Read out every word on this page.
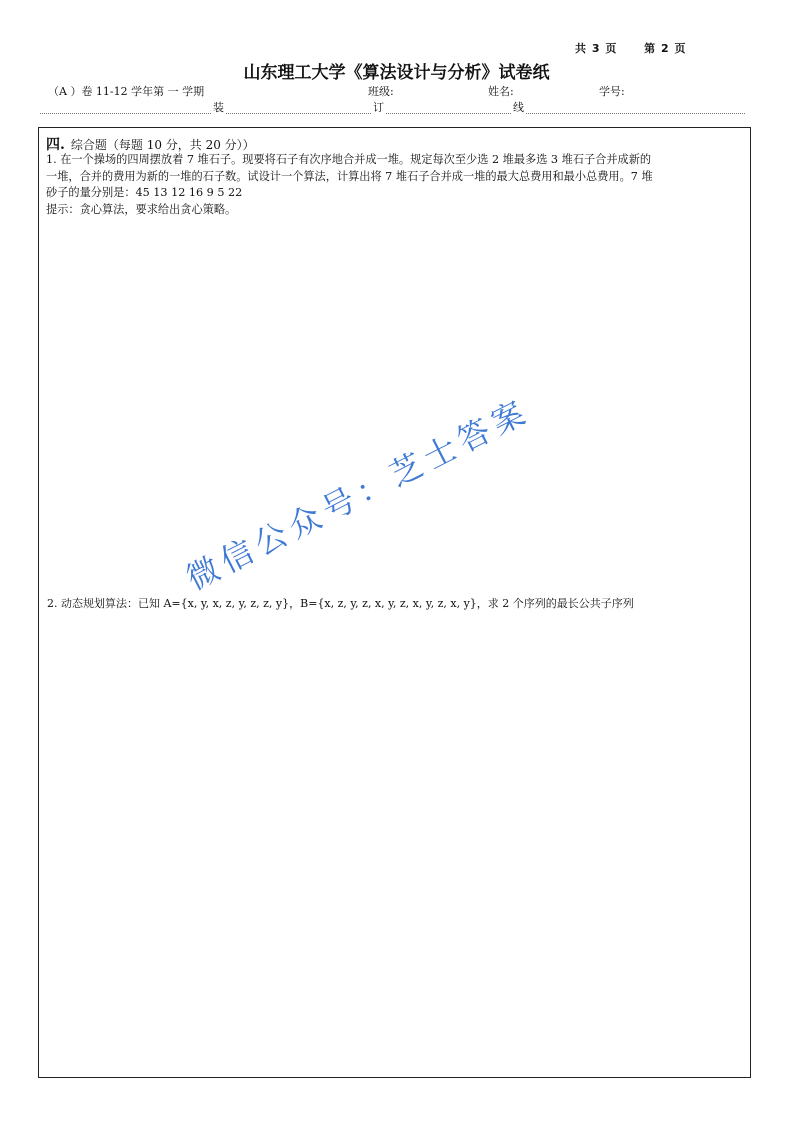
共 3 页 第 2 页
山东理工大学《算法设计与分析》试卷纸
（A ）卷 11-12 学年第 一 学期	班级:	姓名:	学号:
装	订	线
四. 综合题（每题 10 分，共 20 分））

1. 在一个操场的四周摆放着 7 堆石子。现要将石子有次序地合并成一堆。规定每次至少选 2 堆最多选 3 堆石子合并成新的

一堆，合并的费用为新的一堆的石子数。试设计一个算法，计算出将 7 堆石子合并成一堆的最大总费用和最小总费用。7 堆

砂子的量分别是：45 13 12 16 9 5 22

提示：贪心算法，要求给出贪心策略。

2. 动态规划算法：已知 A={x, y, x, z, y, z, z, y}，B={x, z, y, z, x, y, z, x, y, z, x, y}，求 2 个序列的最长公共子序列
微信公众号：芝士答案
